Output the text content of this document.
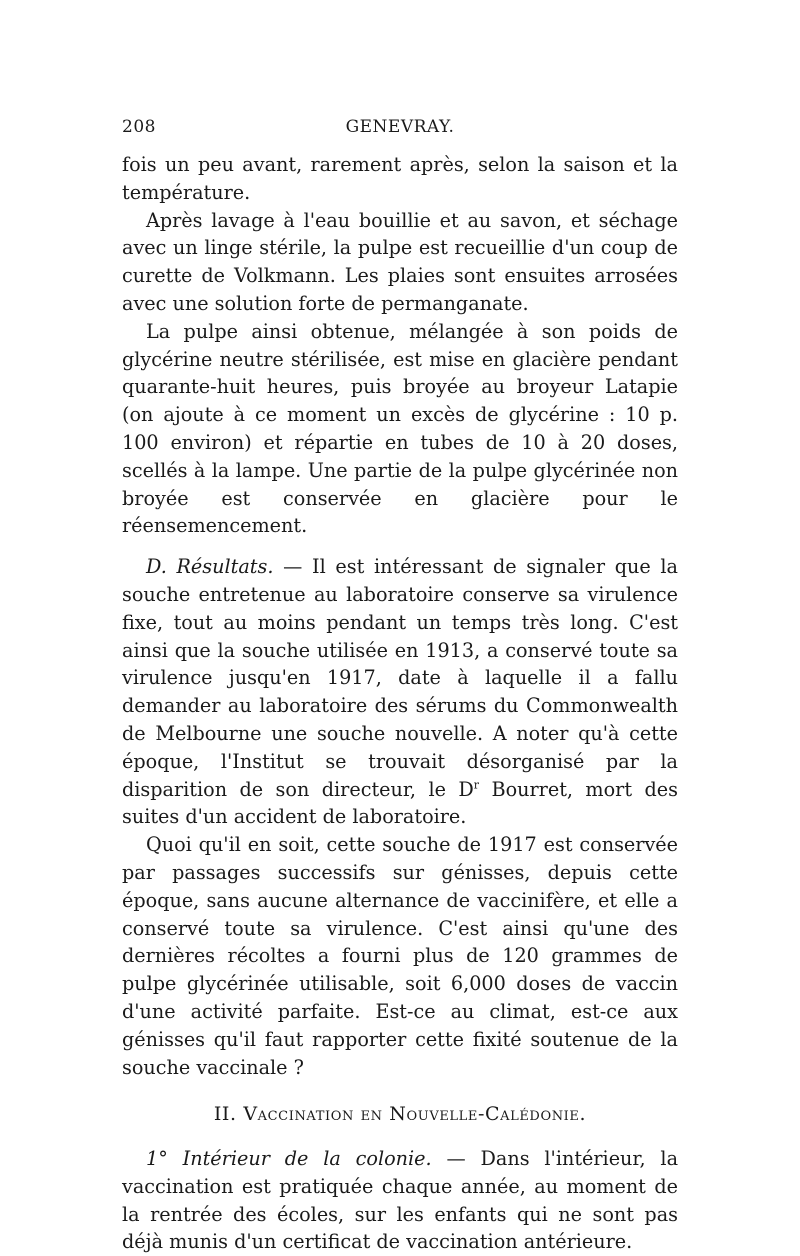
208	GENEVRAY.

fois un peu avant, rarement après, selon la saison et la température.

Après lavage à l'eau bouillie et au savon, et séchage avec un linge stérile, la pulpe est recueillie d'un coup de curette de Volkmann. Les plaies sont ensuites arrosées avec une solution forte de permanganate.

La pulpe ainsi obtenue, mélangée à son poids de glycérine neutre stérilisée, est mise en glacière pendant quarante-huit heures, puis broyée au broyeur Latapie (on ajoute à ce moment un excès de glycérine : 10 p. 100 environ) et répartie en tubes de 10 à 20 doses, scellés à la lampe. Une partie de la pulpe glycérinée non broyée est conservée en glacière pour le réensemencement.

D. Résultats. — Il est intéressant de signaler que la souche entretenue au laboratoire conserve sa virulence fixe, tout au moins pendant un temps très long. C'est ainsi que la souche utilisée en 1913, a conservé toute sa virulence jusqu'en 1917, date à laquelle il a fallu demander au laboratoire des sérums du Commonwealth de Melbourne une souche nouvelle. A noter qu'à cette époque, l'Institut se trouvait désorganisé par la disparition de son directeur, le $D^r$ Bourret, mort des suites d'un accident de laboratoire.

Quoi qu'il en soit, cette souche de 1917 est conservée par passages successifs sur génisses, depuis cette époque, sans aucune alternance de vaccinifère, et elle a conservé toute sa virulence. C'est ainsi qu'une des dernières récoltes a fourni plus de 120 grammes de pulpe glycérinée utilisable, soit 6,000 doses de vaccin d'une activité parfaite. Est-ce au climat, est-ce aux génisses qu'il faut rapporter cette fixité soutenue de la souche vaccinale ?

II. Vaccination en Nouvelle-Calédonie.

1° Intérieur de la colonie. — Dans l'intérieur, la vaccination est pratiquée chaque année, au moment de la rentrée des écoles, sur les enfants qui ne sont pas déjà munis d'un certificat de vaccination antérieure.
